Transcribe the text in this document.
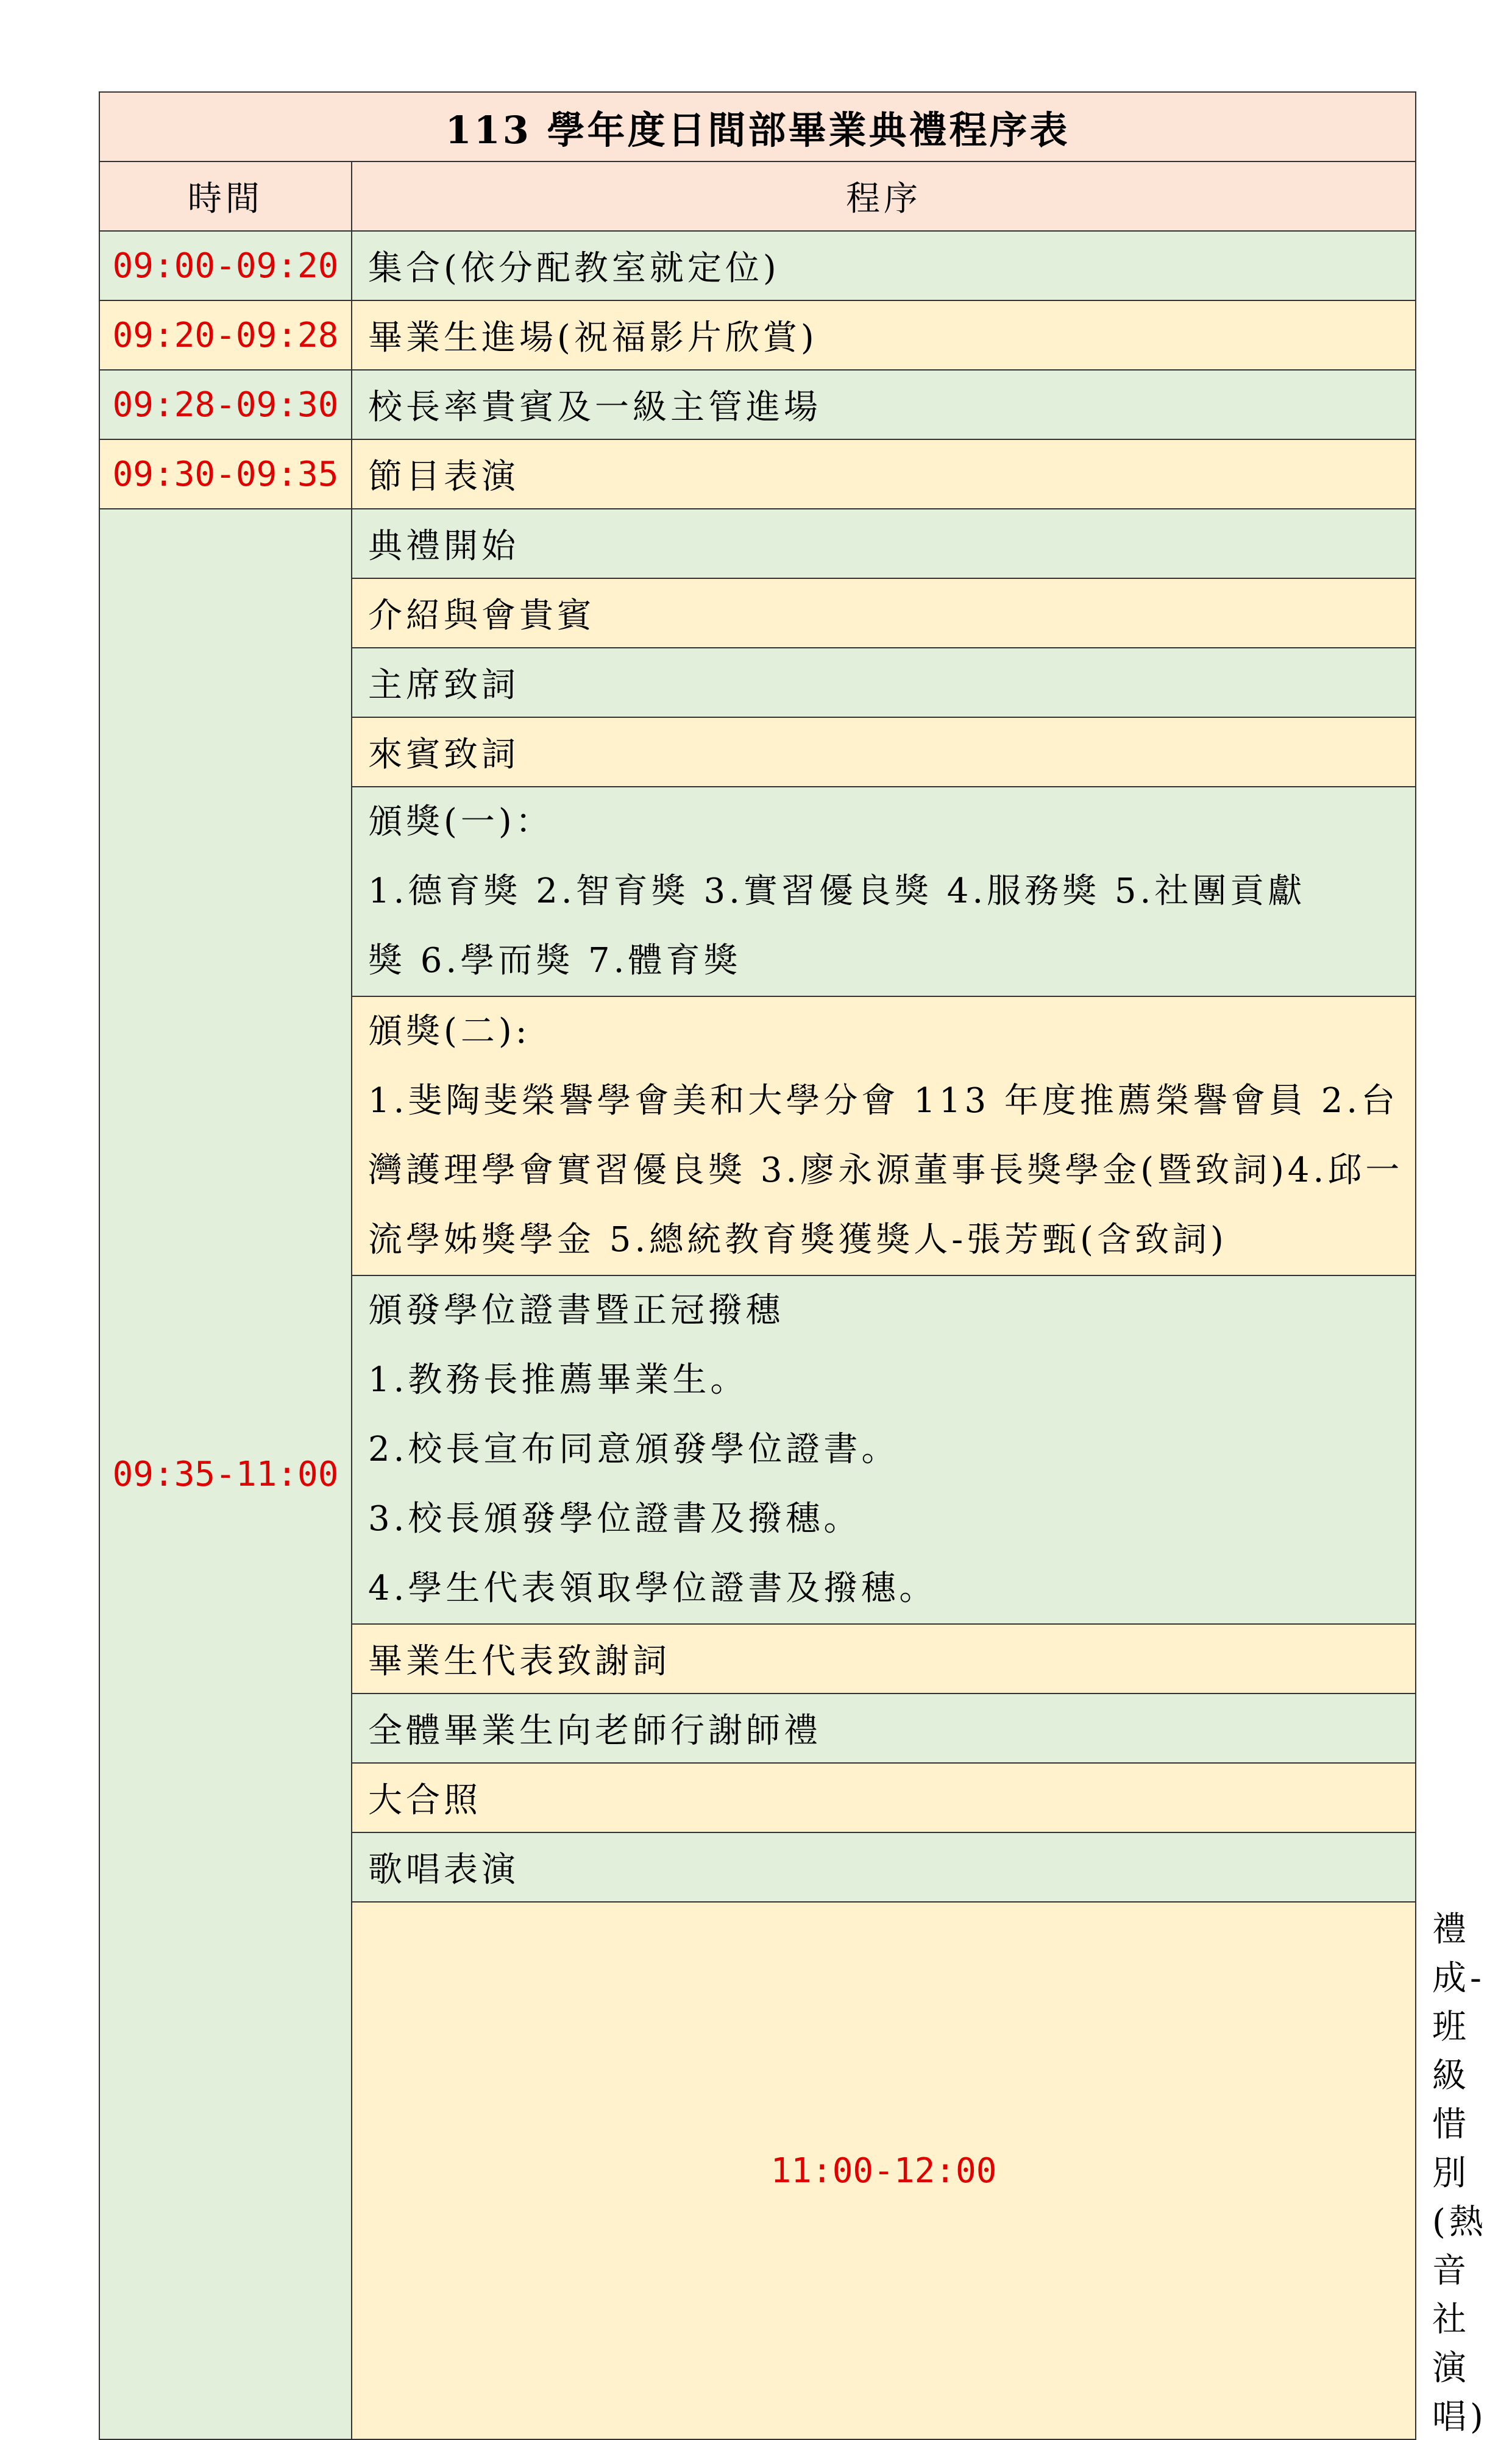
113 學年度日間部畢業典禮程序表		
時間	程序	
09:00-09:20	集合(依分配教室就定位)	
09:20-09:28	畢業生進場(祝福影片欣賞)	
09:28-09:30	校長率貴賓及一級主管進場	
09:30-09:35	節目表演	
09:35-11:00	典禮開始	
	介紹與會貴賓	
	主席致詞	
	來賓致詞	

	頒獎(一)：
1.德育獎 2.智育獎 3.實習優良獎 4.服務獎 5.社團貢獻
獎 6.學而獎 7.體育獎	

	頒獎(二):
1.斐陶斐榮譽學會美和大學分會 113 年度推薦榮譽會員 2.台灣護理學會實習優良獎 3.廖永源董事長獎學金(暨致詞)4.邱一流學姊獎學金 5.總統教育獎獲獎人-張芳甄(含致詞)	

	頒發學位證書暨正冠撥穗
1.教務長推薦畢業生。
2.校長宣布同意頒發學位證書。
3.校長頒發學位證書及撥穗。
4.學生代表領取學位證書及撥穗。	

	畢業生代表致謝詞	
	全體畢業生向老師行謝師禮	
	大合照	
	歌唱表演	
	11:00-12:00	禮成-班級惜別(熱音社演唱)
